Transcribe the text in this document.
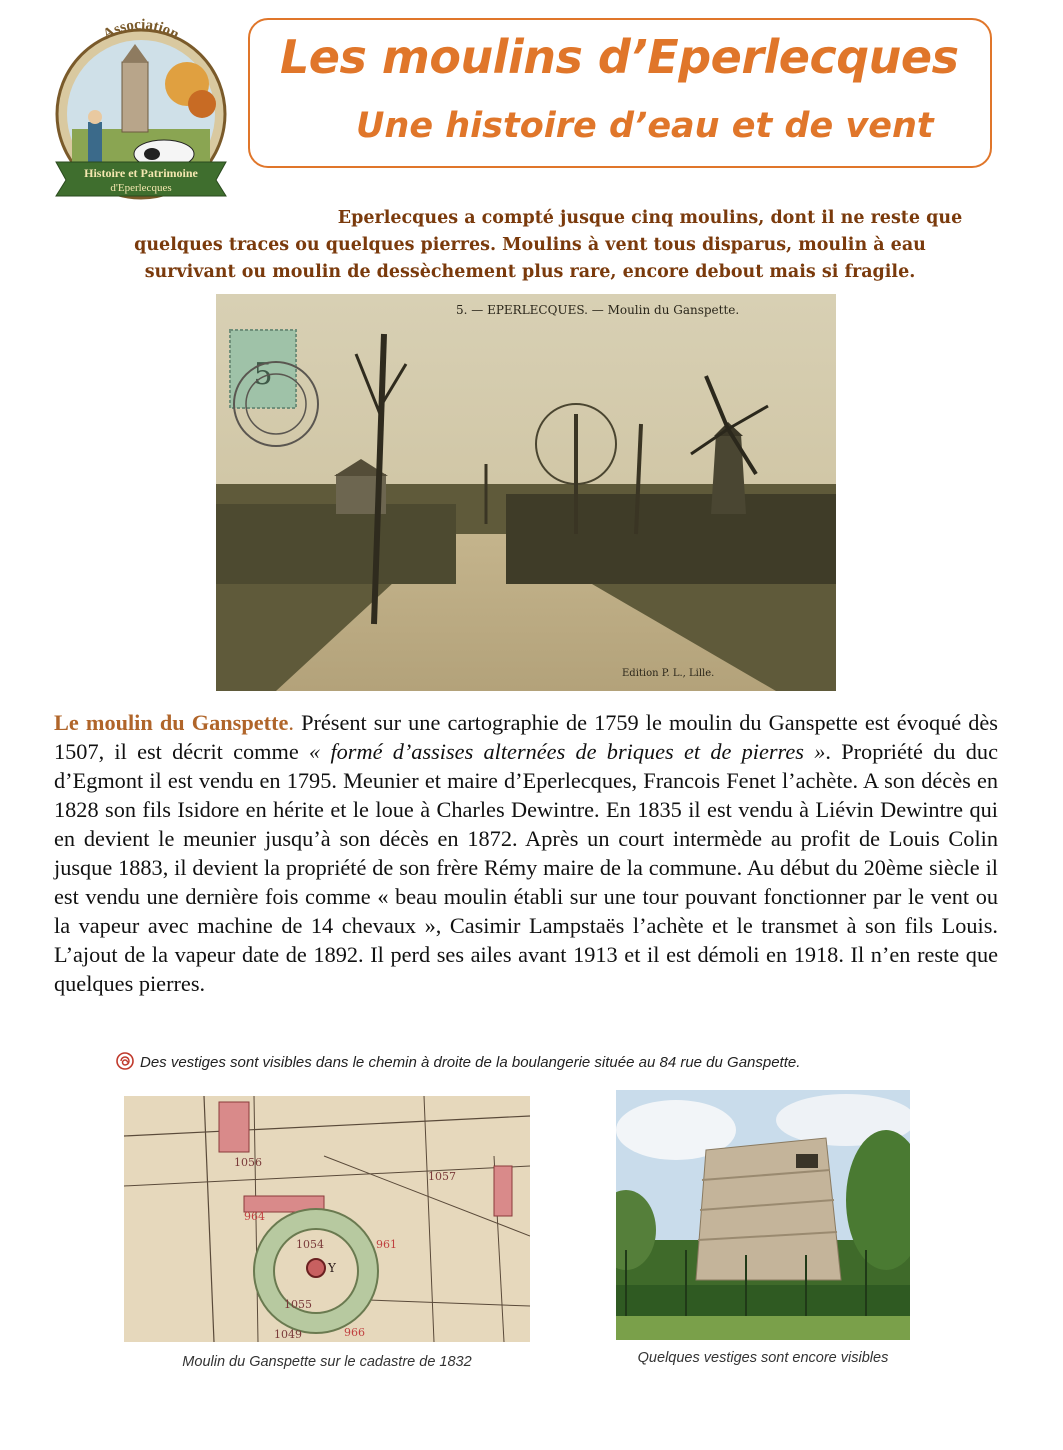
Association
Histoire et Patrimoine
d'Eperlecques
Les moulins d’Eperlecques
Une histoire d’eau et de vent

Eperlecques a compté jusque cinq moulins, dont il ne reste que
quelques traces ou quelques pierres. Moulins à vent tous disparus, moulin à eau
survivant ou moulin de dessèchement plus rare, encore debout mais si fragile.

5
5. — EPERLECQUES. — Moulin du Ganspette.
Edition P. L., Lille.

Le moulin du Ganspette. Présent sur une cartographie de 1759 le moulin du Ganspette est évoqué dès 1507, il est décrit comme « formé d’assises alternées de briques et de pierres ». Propriété du duc d’Egmont il est vendu en 1795. Meunier et maire d’Eperlecques, Francois Fenet l’achète. A son décès en 1828 son fils Isidore en hérite et le loue à Charles Dewintre. En 1835 il est vendu à Liévin Dewintre qui en devient le meunier jusqu’à son décès en 1872. Après un court intermède au profit de Louis Colin jusque 1883, il devient la propriété de son frère Rémy maire de la commune. Au début du 20ème siècle il est vendu une dernière fois comme « beau moulin établi sur une tour pouvant fonctionner par le vent ou la vapeur avec machine de 14 chevaux », Casimir Lampstaës l’achète et le transmet à son fils Louis. L’ajout de la vapeur date de 1892. Il perd ses ailes avant 1913 et il est démoli en 1918. Il n’en reste que quelques pierres.

Des vestiges sont visibles dans le chemin à droite de la boulangerie située au 84 rue du Ganspette.
1054
1055
1056
1057
964
961
966
1049
Y
Moulin du Ganspette sur le cadastre de 1832	Quelques vestiges sont encore visibles
